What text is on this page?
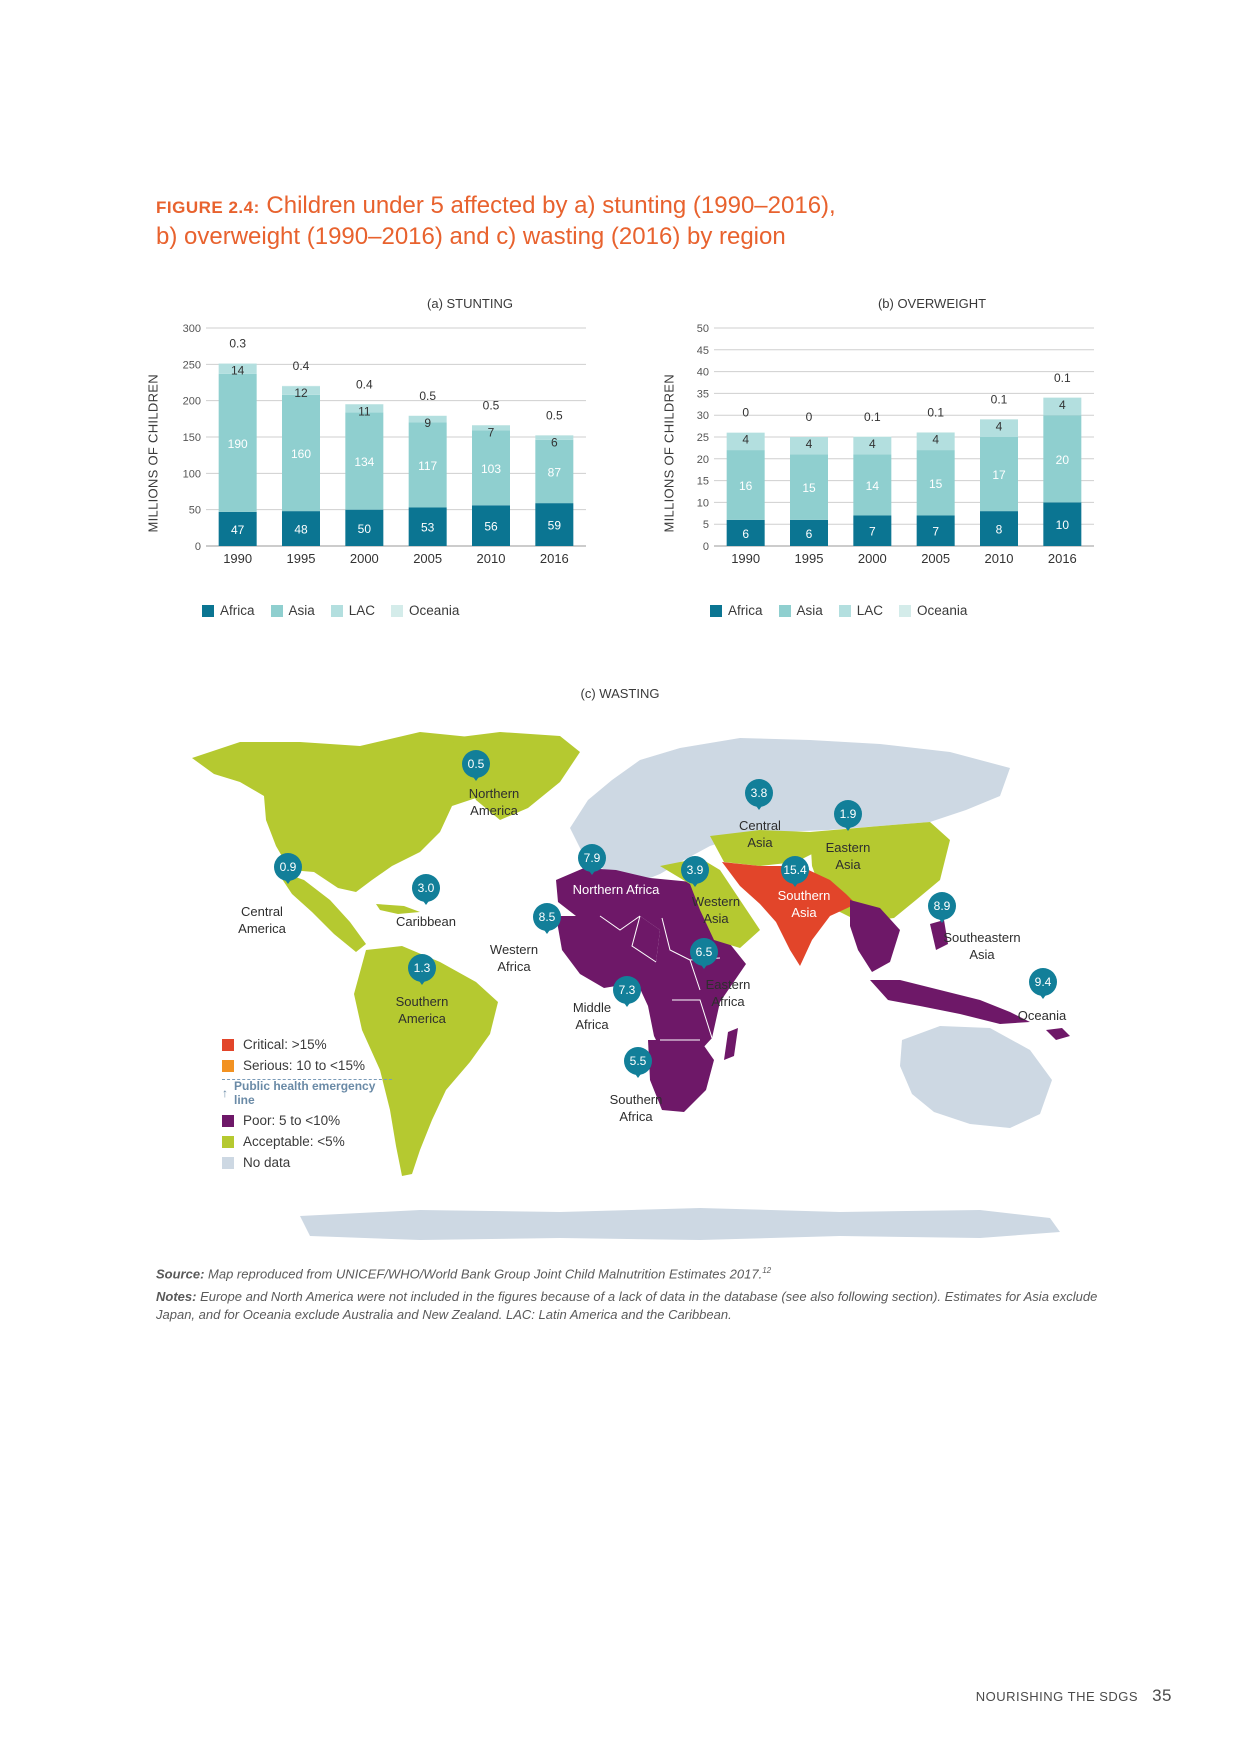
FIGURE 2.4: Children under 5 affected by a) stunting (1990–2016),
b) overweight (1990–2016) and c) wasting (2016) by region
(a) STUNTING
MILLIONS OF CHILDREN
0
50
100
150
200
250
300
47
190
14
0.3
1990
48
160
12
0.4
1995
50
134
11
0.4
2000
53
117
9
0.5
2005
56
103
7
0.5
2010
59
87
6
0.5
2016
Africa	Asia	LAC	Oceania
(b) OVERWEIGHT
MILLIONS OF CHILDREN
0
5
10
15
20
25
30
35
40
45
50
6
16
4
0
1990
6
15
4
0
1995
7
14
4
0.1
2000
7
15
4
0.1
2005
8
17
4
0.1
2010
10
20
4
0.1
2016
Africa	Asia	LAC	Oceania
(c) WASTING
0.5
Northern
America
0.9
Central
America
3.0
Caribbean
1.3
Southern
America
7.9
Northern Africa
8.5
Western
Africa
7.3
Middle
Africa
6.5
Eastern
Africa
5.5
Southern
Africa
3.9
Western
Asia
3.8
Central
Asia
15.4
Southern
Asia
1.9
Eastern
Asia
8.9
Southeastern
Asia
9.4
Oceania
Critical: >15%
Serious: 10 to <15%
↑ Public health emergency line
Poor: 5 to <10%
Acceptable: <5%
No data
Source: Map reproduced from UNICEF/WHO/World Bank Group Joint Child Malnutrition Estimates 2017.12
Notes: Europe and North America were not included in the figures because of a lack of data in the database (see also following section). Estimates for Asia exclude Japan, and for Oceania exclude Australia and New Zealand. LAC: Latin America and the Caribbean.
NOURISHING THE SDGS 35
